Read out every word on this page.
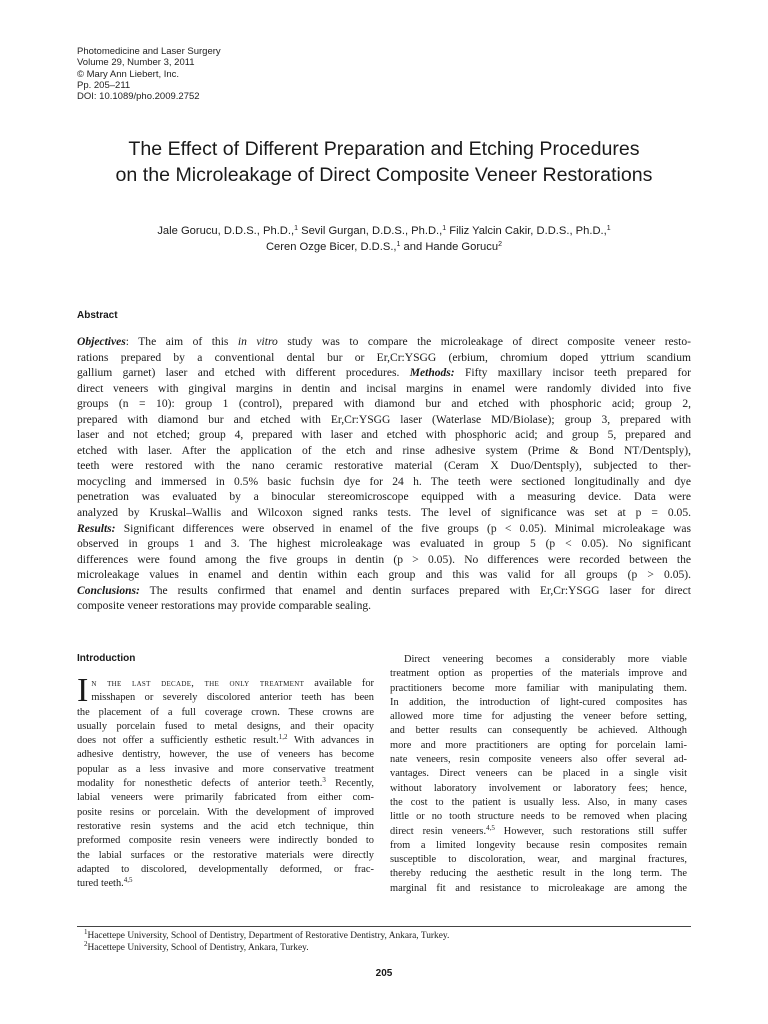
Photomedicine and Laser Surgery
Volume 29, Number 3, 2011
© Mary Ann Liebert, Inc.
Pp. 205–211
DOI: 10.1089/pho.2009.2752
The Effect of Different Preparation and Etching Procedures
on the Microleakage of Direct Composite Veneer Restorations
Jale Gorucu, D.D.S., Ph.D.,$^1$ Sevil Gurgan, D.D.S., Ph.D.,$^1$ Filiz Yalcin Cakir, D.D.S., Ph.D.,$^1$
Ceren Ozge Bicer, D.D.S.,$^1$ and Hande Gorucu$^2$
Abstract
Objectives: The aim of this in vitro study was to compare the microleakage of direct composite veneer resto-
rations prepared by a conventional dental bur or Er,Cr:YSGG (erbium, chromium doped yttrium scandium
gallium garnet) laser and etched with different procedures. Methods: Fifty maxillary incisor teeth prepared for
direct veneers with gingival margins in dentin and incisal margins in enamel were randomly divided into five
groups (n = 10): group 1 (control), prepared with diamond bur and etched with phosphoric acid; group 2,
prepared with diamond bur and etched with Er,Cr:YSGG laser (Waterlase MD/Biolase); group 3, prepared with
laser and not etched; group 4, prepared with laser and etched with phosphoric acid; and group 5, prepared and
etched with laser. After the application of the etch and rinse adhesive system (Prime & Bond NT/Dentsply),
teeth were restored with the nano ceramic restorative material (Ceram X Duo/Dentsply), subjected to ther-
mocycling and immersed in 0.5% basic fuchsin dye for 24 h. The teeth were sectioned longitudinally and dye
penetration was evaluated by a binocular stereomicroscope equipped with a measuring device. Data were
analyzed by Kruskal–Wallis and Wilcoxon signed ranks tests. The level of significance was set at p = 0.05.
Results: Significant differences were observed in enamel of the five groups (p < 0.05). Minimal microleakage was
observed in groups 1 and 3. The highest microleakage was evaluated in group 5 (p < 0.05). No significant
differences were found among the five groups in dentin (p > 0.05). No differences were recorded between the
microleakage values in enamel and dentin within each group and this was valid for all groups (p > 0.05).
Conclusions: The results confirmed that enamel and dentin surfaces prepared with Er,Cr:YSGG laser for direct
composite veneer restorations may provide comparable sealing.
Introduction
I n the last decade, the only treatment available for
misshapen or severely discolored anterior teeth has been
the placement of a full coverage crown. These crowns are
usually porcelain fused to metal designs, and their opacity
does not offer a sufficiently esthetic result.$^{1,2}$ With advances in
adhesive dentistry, however, the use of veneers has become
popular as a less invasive and more conservative treatment
modality for nonesthetic defects of anterior teeth.$^3$ Recently,
labial veneers were primarily fabricated from either com-
posite resins or porcelain. With the development of improved
restorative resin systems and the acid etch technique, thin
preformed composite resin veneers were indirectly bonded to
the labial surfaces or the restorative materials were directly
adapted to discolored, developmentally deformed, or frac-
tured teeth.$^{4,5}$
Direct veneering becomes a considerably more viable
treatment option as properties of the materials improve and
practitioners become more familiar with manipulating them.
In addition, the introduction of light-cured composites has
allowed more time for adjusting the veneer before setting,
and better results can consequently be achieved. Although
more and more practitioners are opting for porcelain lami-
nate veneers, resin composite veneers also offer several ad-
vantages. Direct veneers can be placed in a single visit
without laboratory involvement or laboratory fees; hence,
the cost to the patient is usually less. Also, in many cases
little or no tooth structure needs to be removed when placing
direct resin veneers.$^{4,5}$ However, such restorations still suffer
from a limited longevity because resin composites remain
susceptible to discoloration, wear, and marginal fractures,
thereby reducing the aesthetic result in the long term. The
marginal fit and resistance to microleakage are among the
$^1$Hacettepe University, School of Dentistry, Department of Restorative Dentistry, Ankara, Turkey.
$^2$Hacettepe University, School of Dentistry, Ankara, Turkey.
205
